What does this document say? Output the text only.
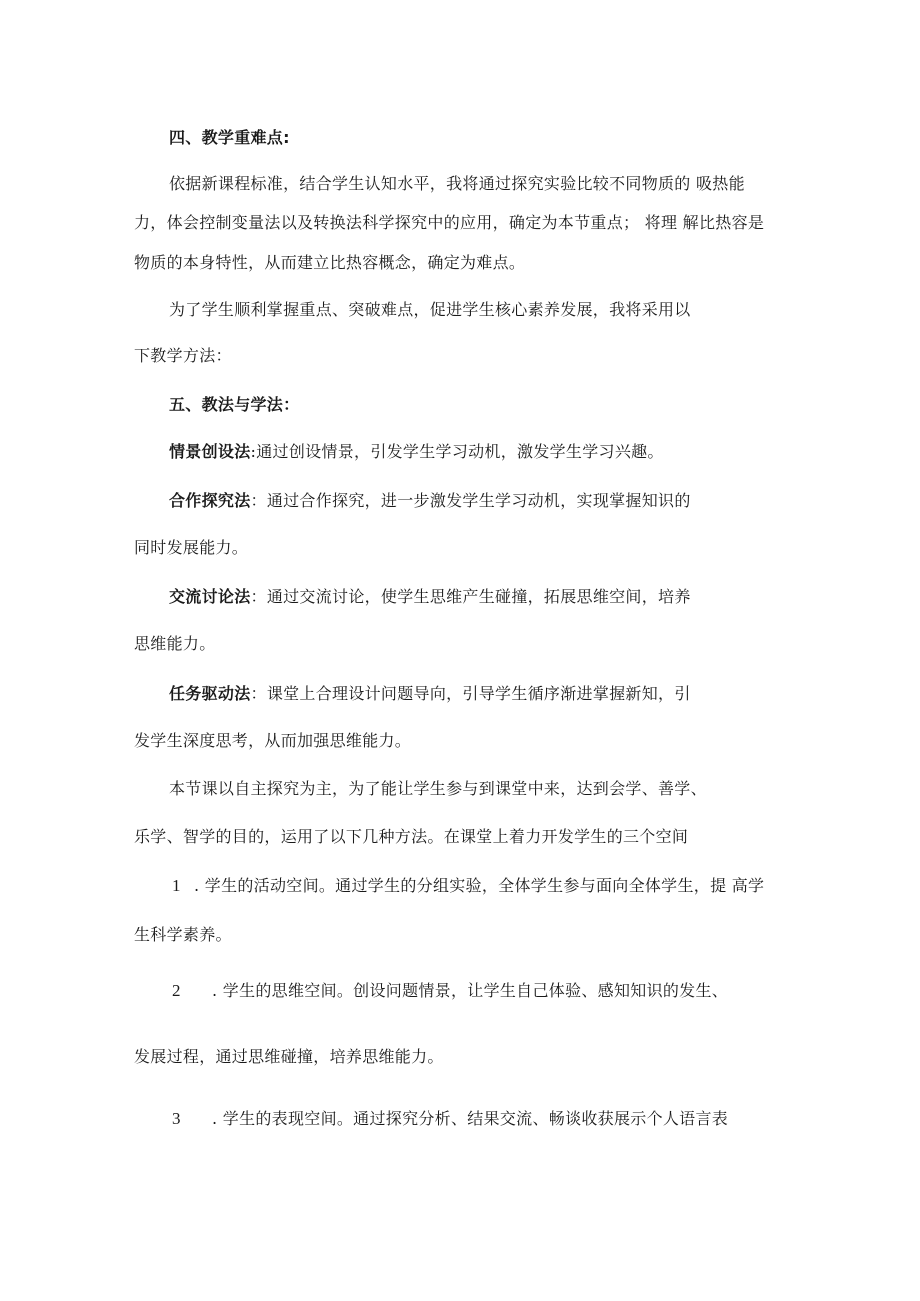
四、教学重难点:
依据新课程标准，结合学生认知水平，我将通过探究实验比较不同物质的 吸热能
力，体会控制变量法以及转换法科学探究中的应用，确定为本节重点； 将理 解比热容是
物质的本身特性，从而建立比热容概念，确定为难点。
为了学生顺利掌握重点、突破难点，促进学生核心素养发展，我将采用以
下教学方法：
五、教法与学法：
情景创设法:通过创设情景，引发学生学习动机，激发学生学习兴趣。
合作探究法：通过合作探究，进一步激发学生学习动机，实现掌握知识的
同时发展能力。
交流讨论法：通过交流讨论，使学生思维产生碰撞，拓展思维空间，培养
思维能力。
任务驱动法：课堂上合理设计问题导向，引导学生循序渐进掌握新知，引
发学生深度思考，从而加强思维能力。
本节课以自主探究为主，为了能让学生参与到课堂中来，达到会学、善学、
乐学、智学的目的，运用了以下几种方法。在课堂上着力开发学生的三个空间
1 . 学生的活动空间。通过学生的分组实验，全体学生参与面向全体学生，提 高学
生科学素养。
2 . 学生的思维空间。创设问题情景，让学生自己体验、感知知识的发生、
发展过程，通过思维碰撞，培养思维能力。
3 . 学生的表现空间。通过探究分析、结果交流、畅谈收获展示个人语言表
